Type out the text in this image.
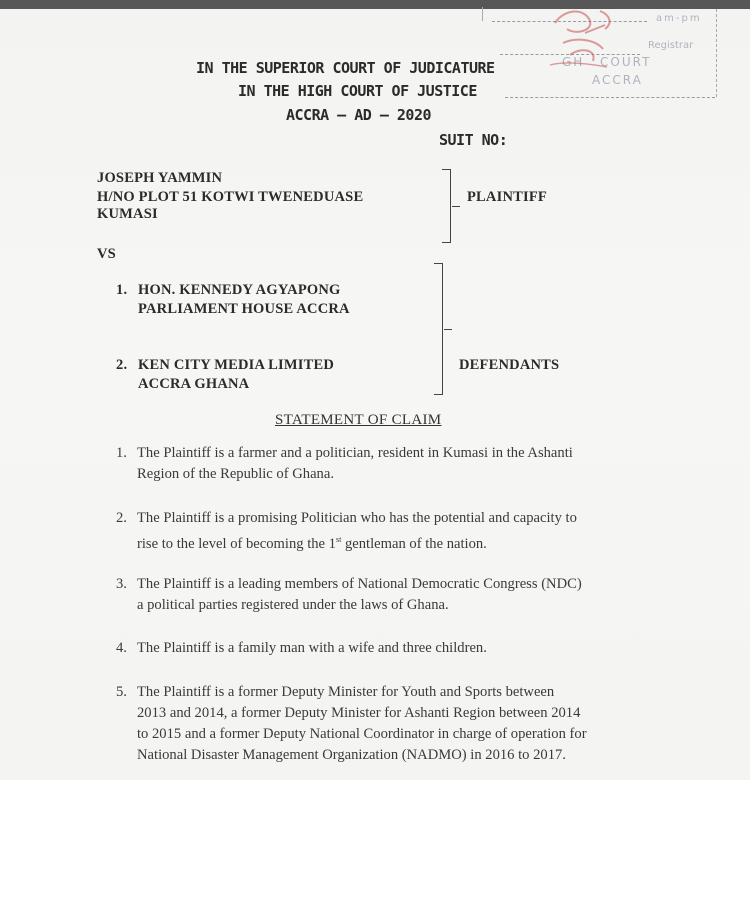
am-pm
Registrar
GH COURT
ACCRA
IN THE SUPERIOR COURT OF JUDICATURE
IN THE HIGH COURT OF JUSTICE
ACCRA – AD – 2020
SUIT NO:
JOSEPH YAMMIN
H/NO PLOT 51 KOTWI TWENEDUASE
KUMASI
PLAINTIFF
VS
1. HON. KENNEDY AGYAPONG
PARLIAMENT HOUSE ACCRA
2. KEN CITY MEDIA LIMITED
ACCRA GHANA
DEFENDANTS
STATEMENT OF CLAIM
1. The Plaintiff is a farmer and a politician, resident in Kumasi in the Ashanti
Region of the Republic of Ghana.
2. The Plaintiff is a promising Politician who has the potential and capacity to
rise to the level of becoming the 1st gentleman of the nation.
3. The Plaintiff is a leading members of National Democratic Congress (NDC)
a political parties registered under the laws of Ghana.
4. The Plaintiff is a family man with a wife and three children.
5. The Plaintiff is a former Deputy Minister for Youth and Sports between
2013 and 2014, a former Deputy Minister for Ashanti Region between 2014
to 2015 and a former Deputy National Coordinator in charge of operation for
National Disaster Management Organization (NADMO) in 2016 to 2017.
